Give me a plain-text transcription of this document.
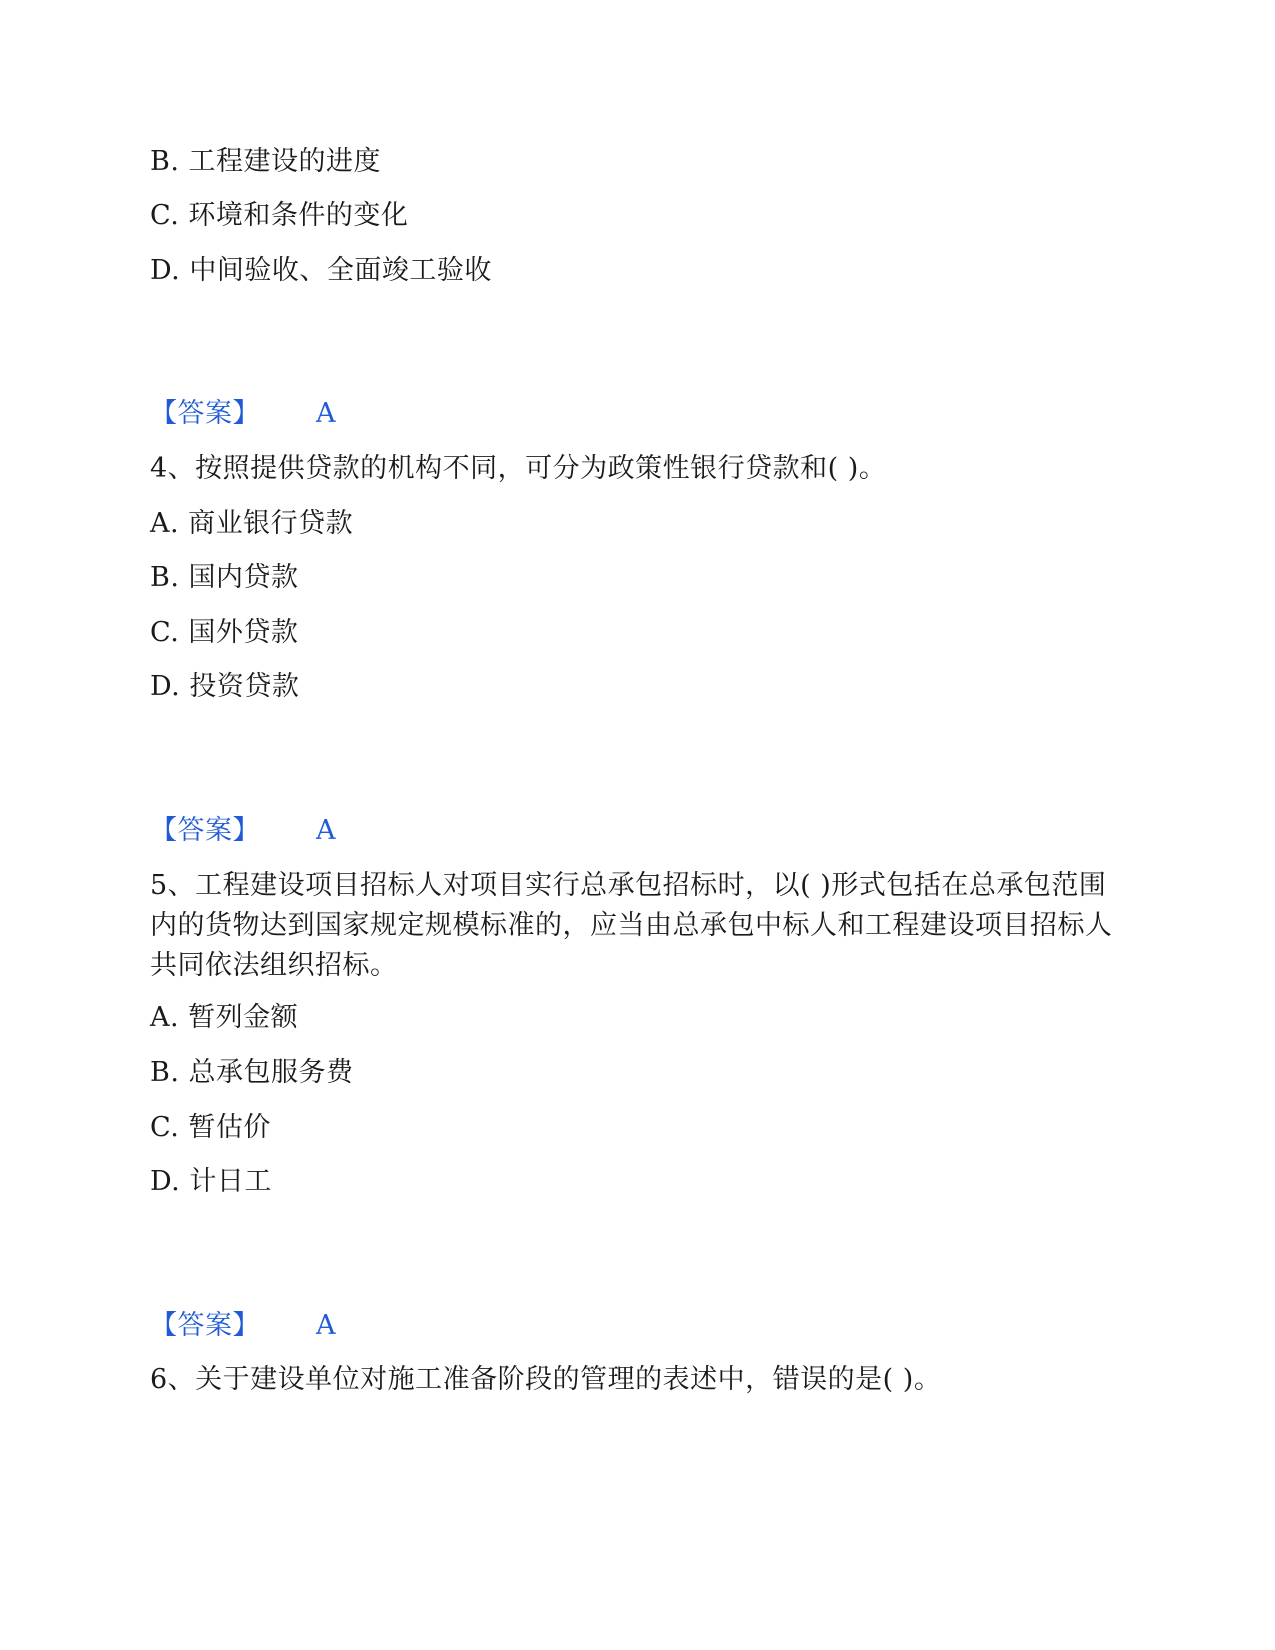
B. 工程建设的进度
C. 环境和条件的变化
D. 中间验收、全面竣工验收
【答案】 A
4、按照提供贷款的机构不同，可分为政策性银行贷款和( )。
A. 商业银行贷款
B. 国内贷款
C. 国外贷款
D. 投资贷款
【答案】 A
5、工程建设项目招标人对项目实行总承包招标时，以( )形式包括在总承包范围内的货物达到国家规定规模标准的，应当由总承包中标人和工程建设项目招标人共同依法组织招标。
A. 暂列金额
B. 总承包服务费
C. 暂估价
D. 计日工
【答案】 A
6、关于建设单位对施工准备阶段的管理的表述中，错误的是( )。
